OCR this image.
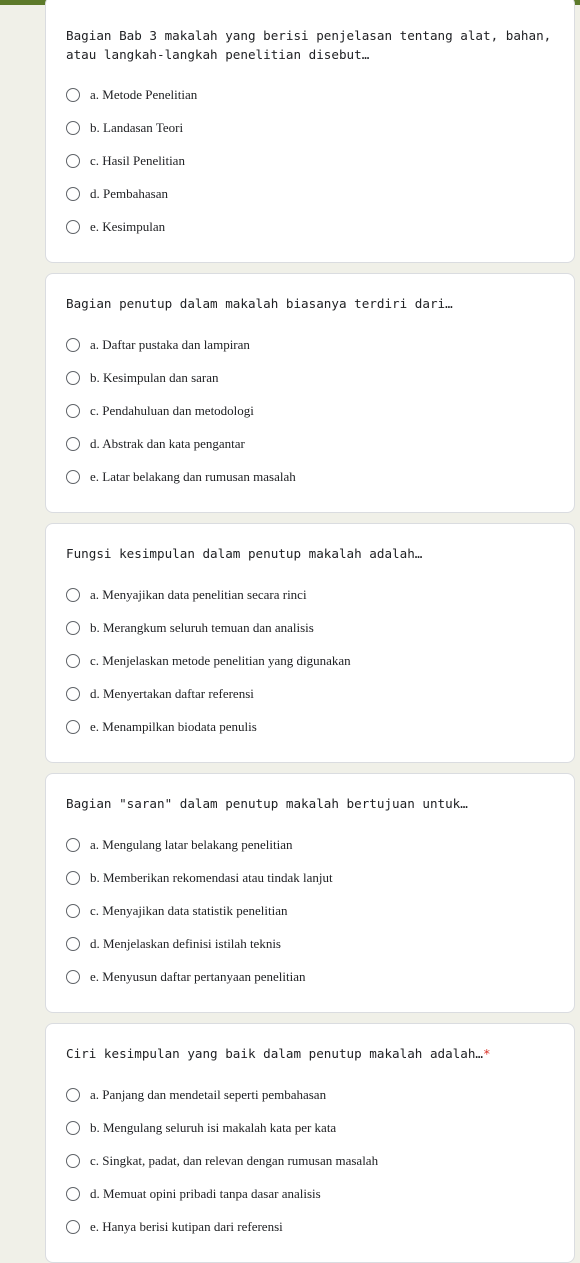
Bagian Bab 3 makalah yang berisi penjelasan tentang alat, bahan, atau langkah-langkah penelitian disebut…

a. Metode Penelitian
b. Landasan Teori
c. Hasil Penelitian
d. Pembahasan
e. Kesimpulan

Bagian penutup dalam makalah biasanya terdiri dari…

a. Daftar pustaka dan lampiran
b. Kesimpulan dan saran
c. Pendahuluan dan metodologi
d. Abstrak dan kata pengantar
e. Latar belakang dan rumusan masalah

Fungsi kesimpulan dalam penutup makalah adalah…

a. Menyajikan data penelitian secara rinci
b. Merangkum seluruh temuan dan analisis
c. Menjelaskan metode penelitian yang digunakan
d. Menyertakan daftar referensi
e. Menampilkan biodata penulis

Bagian "saran" dalam penutup makalah bertujuan untuk…

a. Mengulang latar belakang penelitian
b. Memberikan rekomendasi atau tindak lanjut
c. Menyajikan data statistik penelitian
d. Menjelaskan definisi istilah teknis
e. Menyusun daftar pertanyaan penelitian

Ciri kesimpulan yang baik dalam penutup makalah adalah…*

a. Panjang dan mendetail seperti pembahasan
b. Mengulang seluruh isi makalah kata per kata
c. Singkat, padat, dan relevan dengan rumusan masalah
d. Memuat opini pribadi tanpa dasar analisis
e. Hanya berisi kutipan dari referensi
